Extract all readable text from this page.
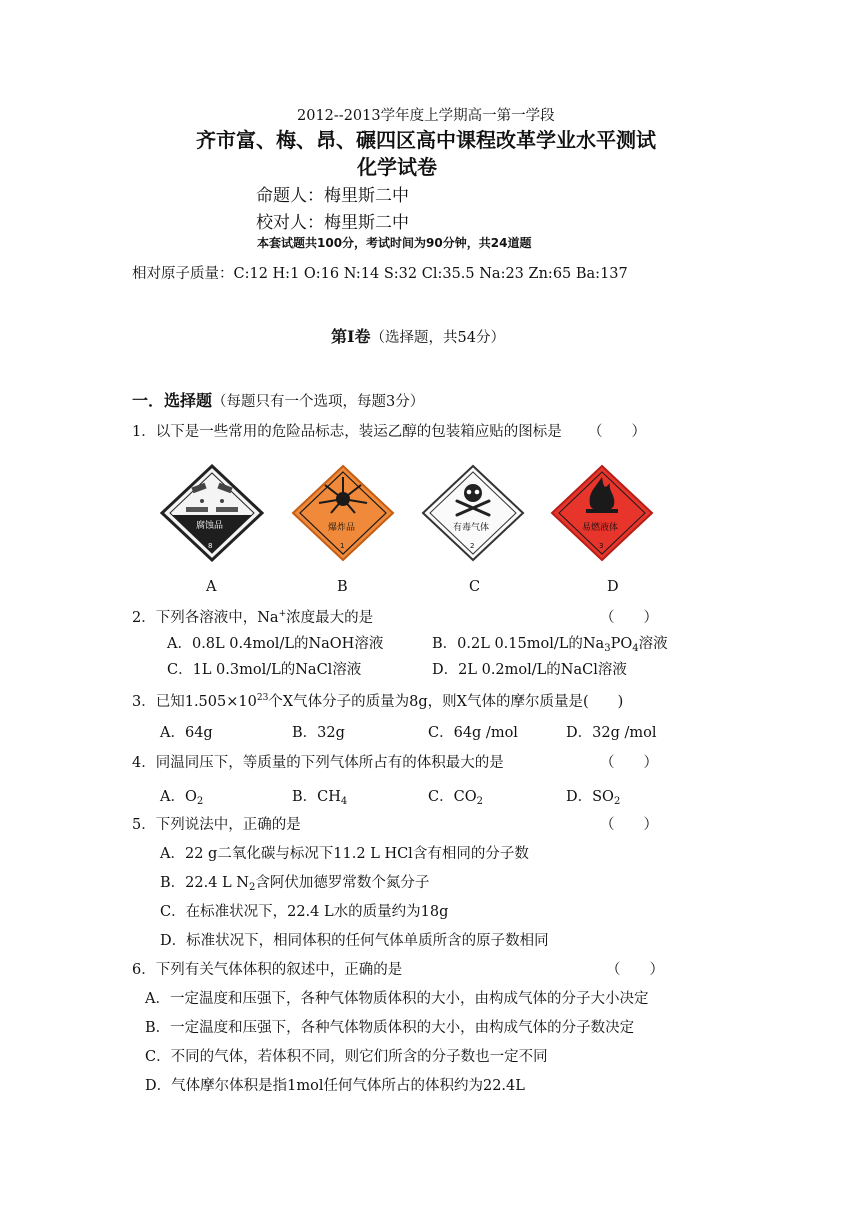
2012--2013学年度上学期高一第一学段
齐市富、梅、昂、碾四区高中课程改革学业水平测试
化学试卷
命题人：梅里斯二中
校对人：梅里斯二中
本套试题共100分，考试时间为90分钟，共24道题
相对原子质量：C:12 H:1 O:16 N:14 S:32 Cl:35.5 Na:23 Zn:65 Ba:137
第Ⅰ卷（选择题，共54分）
一．选择题（每题只有一个选项，每题3分）
1．以下是一些常用的危险品标志，装运乙醇的包装箱应贴的图标是 （　　）
腐蚀品
8
爆炸品
1
有毒气体
2
易燃液体
3
A	B	C	D
2．下列各溶液中，Na+浓度最大的是	（　　）
A．0.8L 0.4mol/L的NaOH溶液	B．0.2L 0.15mol/L的$Na_3PO_4$溶液
C．1L 0.3mol/L的NaCl溶液	D．2L 0.2mol/L的NaCl溶液
3．已知$1.505\times 10^{23}$个X气体分子的质量为8g，则X气体的摩尔质量是(　　)
A．64g	B．32g	C．64g /mol	D．32g /mol
4．同温同压下，等质量的下列气体所占有的体积最大的是	（　　）
A．$O_2$	B．$CH_4$	C．$CO_2$	D．$SO_2$
5．下列说法中，正确的是	（　　）
A．22 g二氧化碳与标况下11.2 L HCl含有相同的分子数
B．22.4 L $N_2$含阿伏加德罗常数个氮分子
C．在标准状况下，22.4 L水的质量约为18g
D．标准状况下，相同体积的任何气体单质所含的原子数相同
6．下列有关气体体积的叙述中，正确的是	（　　）
A．一定温度和压强下，各种气体物质体积的大小，由构成气体的分子大小决定
B．一定温度和压强下，各种气体物质体积的大小，由构成气体的分子数决定
C．不同的气体，若体积不同，则它们所含的分子数也一定不同
D．气体摩尔体积是指1mol任何气体所占的体积约为22.4L
